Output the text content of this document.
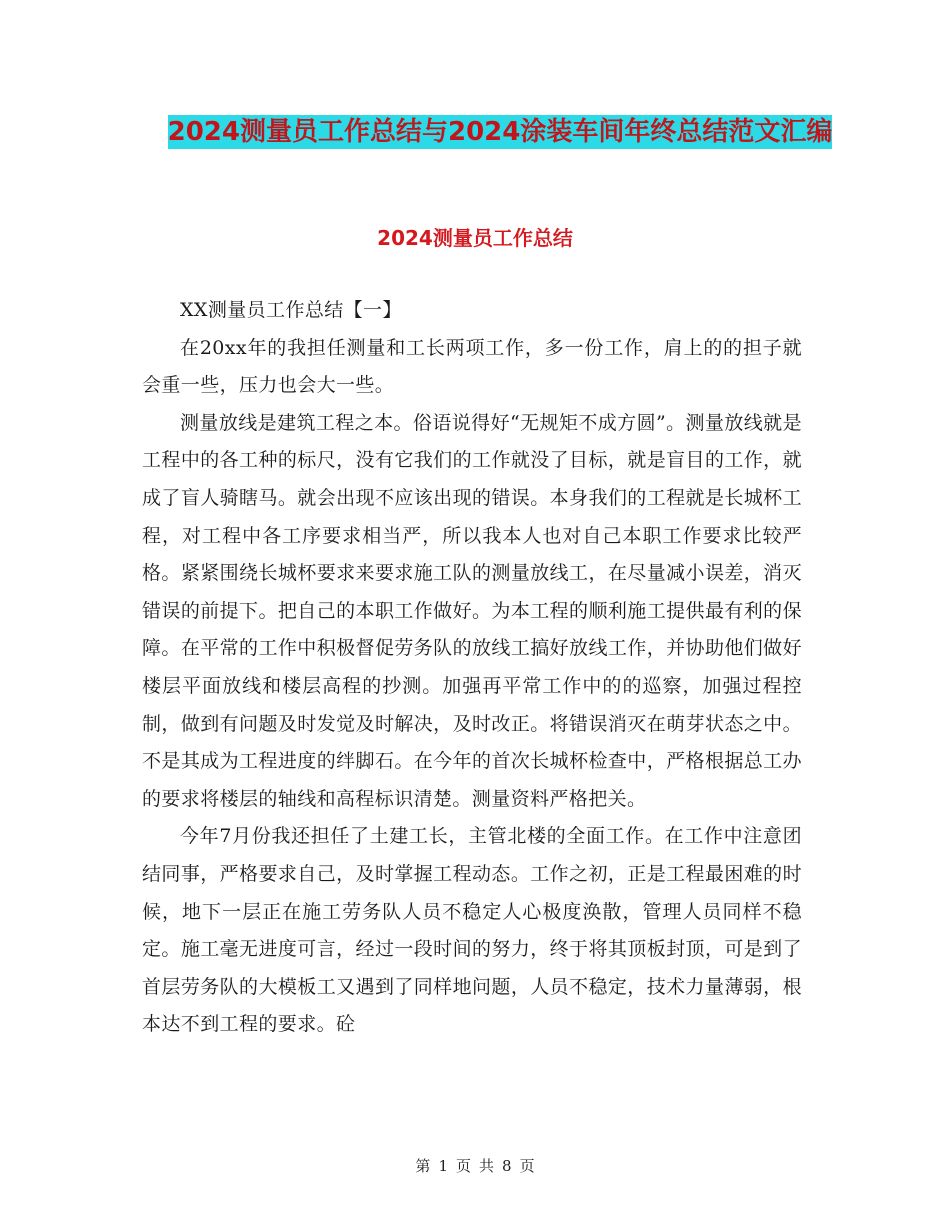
2024测量员工作总结与2024涂装车间年终总结范文汇编
2024测量员工作总结

XX测量员工作总结【一】

在20xx年的我担任测量和工长两项工作，多一份工作，肩上的的担子就会重一些，压力也会大一些。

测量放线是建筑工程之本。俗语说得好“无规矩不成方圆”。测量放线就是工程中的各工种的标尺，没有它我们的工作就没了目标，就是盲目的工作，就成了盲人骑瞎马。就会出现不应该出现的错误。本身我们的工程就是长城杯工程，对工程中各工序要求相当严，所以我本人也对自己本职工作要求比较严格。紧紧围绕长城杯要求来要求施工队的测量放线工，在尽量减小误差，消灭错误的前提下。把自己的本职工作做好。为本工程的顺利施工提供最有利的保障。在平常的工作中积极督促劳务队的放线工搞好放线工作，并协助他们做好楼层平面放线和楼层高程的抄测。加强再平常工作中的的巡察，加强过程控制，做到有问题及时发觉及时解决，及时改正。将错误消灭在萌芽状态之中。不是其成为工程进度的绊脚石。在今年的首次长城杯检查中，严格根据总工办的要求将楼层的轴线和高程标识清楚。测量资料严格把关。

今年7月份我还担任了土建工长，主管北楼的全面工作。在工作中注意团结同事，严格要求自己，及时掌握工程动态。工作之初，正是工程最困难的时候，地下一层正在施工劳务队人员不稳定人心极度涣散，管理人员同样不稳定。施工毫无进度可言，经过一段时间的努力，终于将其顶板封顶，可是到了首层劳务队的大模板工又遇到了同样地问题，人员不稳定，技术力量薄弱，根本达不到工程的要求。砼

第 1 页 共 8 页
